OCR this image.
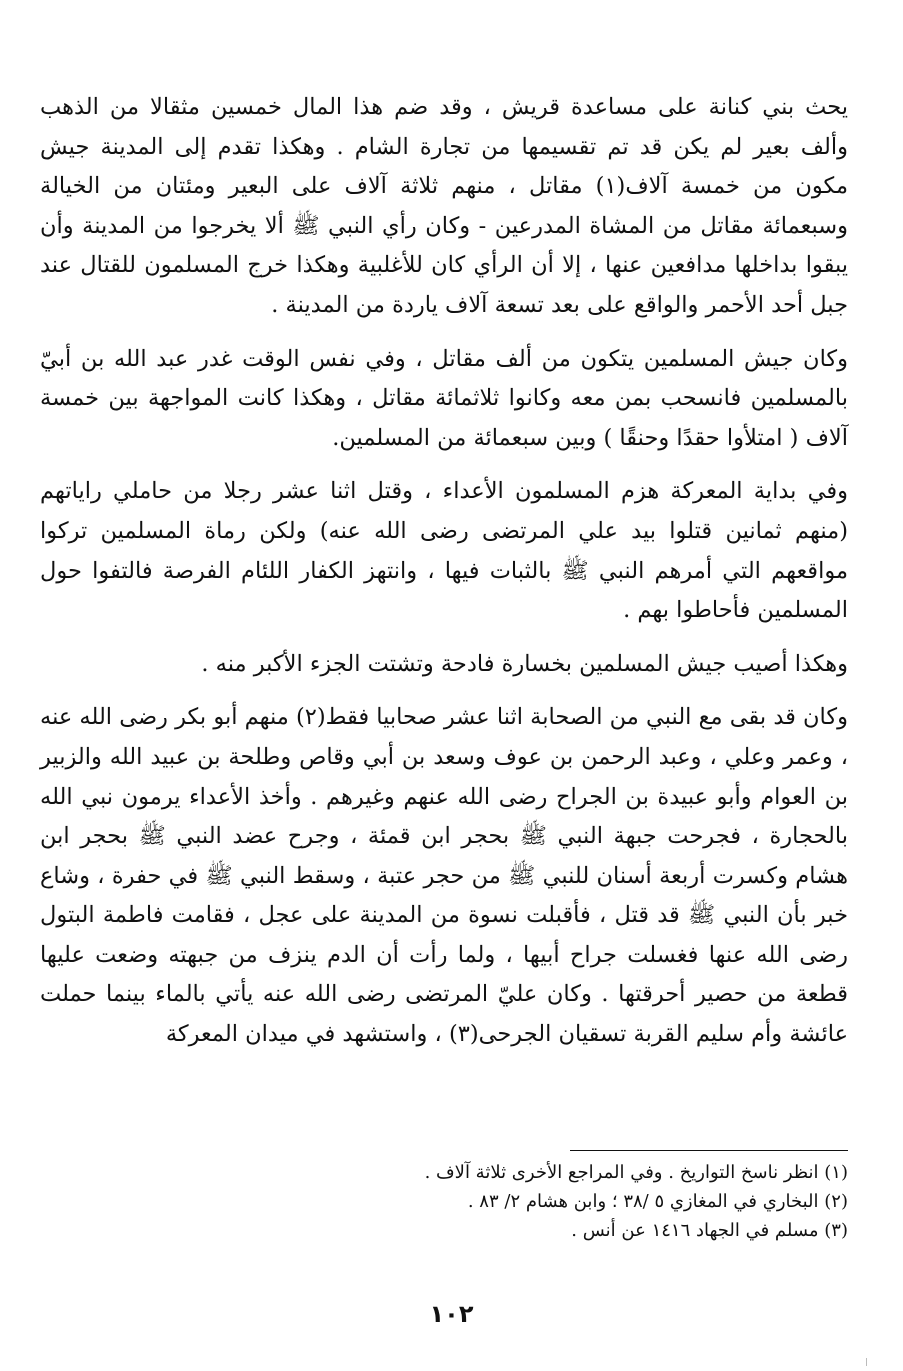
يحث بني كنانة على مساعدة قريش ، وقد ضم هذا المال خمسين مثقالا من الذهب وألف بعير لم يكن قد تم تقسيمها من تجارة الشام . وهكذا تقدم إلى المدينة جيش مكون من خمسة آلاف(١) مقاتل ، منهم ثلاثة آلاف على البعير ومئتان من الخيالة وسبعمائة مقاتل من المشاة المدرعين - وكان رأي النبي ﷺ ألا يخرجوا من المدينة وأن يبقوا بداخلها مدافعين عنها ، إلا أن الرأي كان للأغلبية وهكذا خرج المسلمون للقتال عند جبل أحد الأحمر والواقع على بعد تسعة آلاف ياردة من المدينة .

وكان جيش المسلمين يتكون من ألف مقاتل ، وفي نفس الوقت غدر عبد الله بن أبيّ بالمسلمين فانسحب بمن معه وكانوا ثلاثمائة مقاتل ، وهكذا كانت المواجهة بين خمسة آلاف ( امتلأوا حقدًا وحنقًا ) وبين سبعمائة من المسلمين.

وفي بداية المعركة هزم المسلمون الأعداء ، وقتل اثنا عشر رجلا من حاملي راياتهم (منهم ثمانين قتلوا بيد علي المرتضى رضى الله عنه) ولكن رماة المسلمين تركوا مواقعهم التي أمرهم النبي ﷺ بالثبات فيها ، وانتهز الكفار اللئام الفرصة فالتفوا حول المسلمين فأحاطوا بهم .

وهكذا أصيب جيش المسلمين بخسارة فادحة وتشتت الجزء الأكبر منه .

وكان قد بقى مع النبي من الصحابة اثنا عشر صحابيا فقط(٢) منهم أبو بكر رضى الله عنه ، وعمر وعلي ، وعبد الرحمن بن عوف وسعد بن أبي وقاص وطلحة بن عبيد الله والزبير بن العوام وأبو عبيدة بن الجراح رضى الله عنهم وغيرهم . وأخذ الأعداء يرمون نبي الله بالحجارة ، فجرحت جبهة النبي ﷺ بحجر ابن قمئة ، وجرح عضد النبي ﷺ بحجر ابن هشام وكسرت أربعة أسنان للنبي ﷺ من حجر عتبة ، وسقط النبي ﷺ في حفرة ، وشاع خبر بأن النبي ﷺ قد قتل ، فأقبلت نسوة من المدينة على عجل ، فقامت فاطمة البتول رضى الله عنها فغسلت جراح أبيها ، ولما رأت أن الدم ينزف من جبهته وضعت عليها قطعة من حصير أحرقتها . وكان عليّ المرتضى رضى الله عنه يأتي بالماء بينما حملت عائشة وأم سليم القربة تسقيان الجرحى(٣) ، واستشهد في ميدان المعركة

(١) انظر ناسخ التواريخ . وفي المراجع الأخرى ثلاثة آلاف .
(٢) البخاري في المغازي ٥ /٣٨ ؛ وابن هشام ٢/ ٨٣ .
(٣) مسلم في الجهاد ١٤١٦ عن أنس .
١٠٢
